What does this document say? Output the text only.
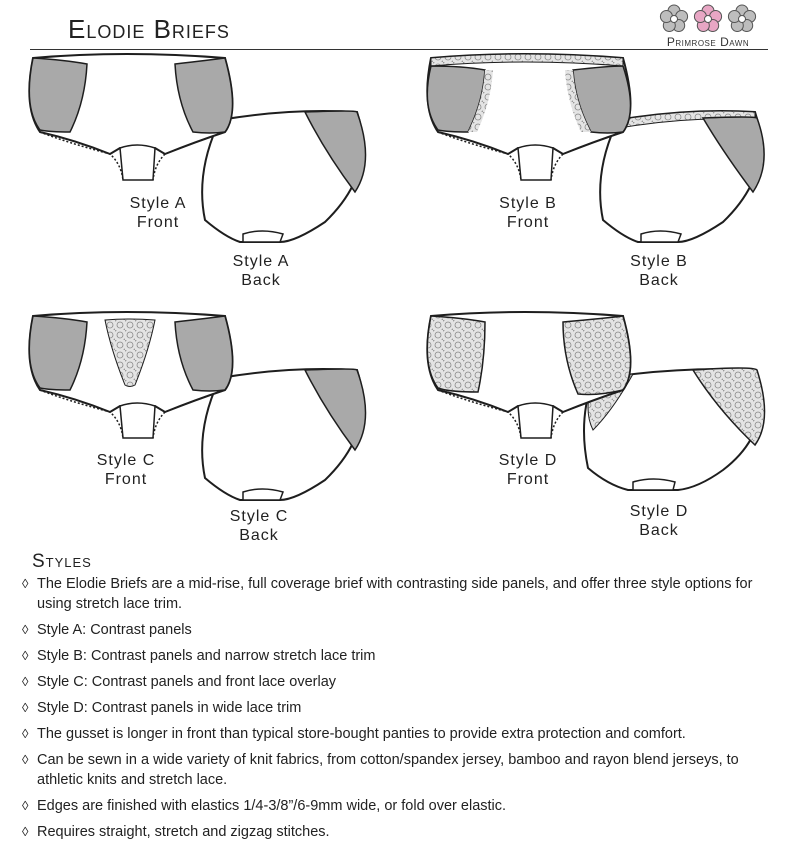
Elodie Briefs	Primrose Dawn
Style A
Front
Style A
Back
Style B
Front
Style B
Back
Style C
Front
Style C
Back
Style D
Front
Style D
Back
Styles
◊ The Elodie Briefs are a mid-rise, full coverage brief with contrasting side panels, and offer three style options for using stretch lace trim.
◊ Style A: Contrast panels
◊ Style B: Contrast panels and narrow stretch lace trim
◊ Style C: Contrast panels and front lace overlay
◊ Style D: Contrast panels in wide lace trim
◊ The gusset is longer in front than typical store-bought panties to provide extra protection and comfort.
◊ Can be sewn in a wide variety of knit fabrics, from cotton/spandex jersey, bamboo and rayon blend jerseys, to athletic knits and stretch lace.
◊ Edges are finished with elastics 1/4-3/8”/6-9mm wide, or fold over elastic.
◊ Requires straight, stretch and zigzag stitches.
